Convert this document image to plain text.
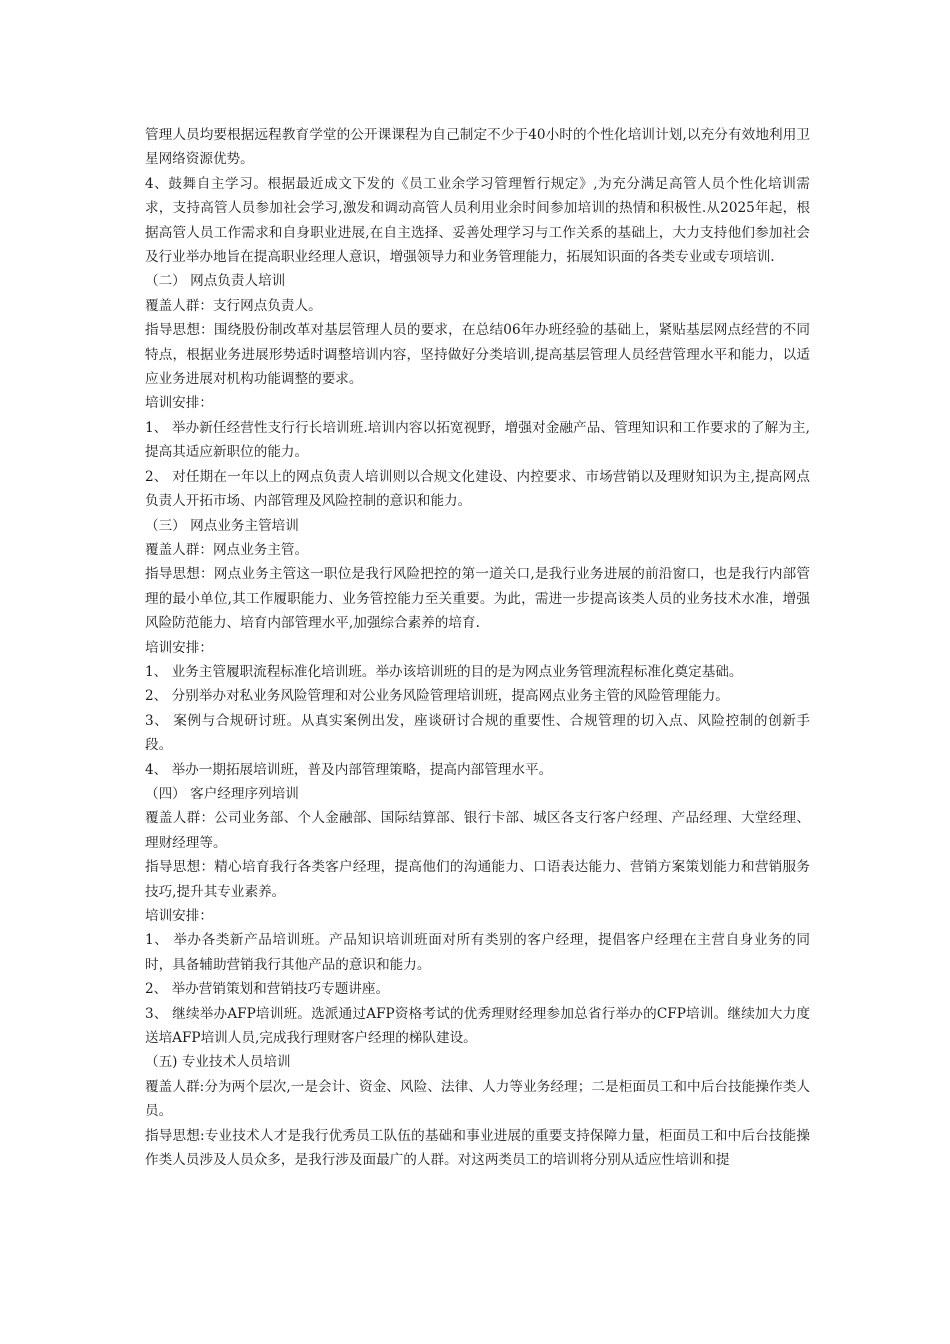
管理人员均要根据远程教育学堂的公开课课程为自己制定不少于40小时的个性化培训计划,以充分有效地利用卫星网络资源优势。

4、鼓舞自主学习。根据最近成文下发的《员工业余学习管理暂行规定》,为充分满足高管人员个性化培训需求，支持高管人员参加社会学习,激发和调动高管人员利用业余时间参加培训的热情和积极性.从2025年起，根据高管人员工作需求和自身职业进展,在自主选择、妥善处理学习与工作关系的基础上，大力支持他们参加社会及行业举办地旨在提高职业经理人意识，增强领导力和业务管理能力，拓展知识面的各类专业或专项培训.

（二） 网点负责人培训

覆盖人群：支行网点负责人。

指导思想：围绕股份制改革对基层管理人员的要求，在总结06年办班经验的基础上，紧贴基层网点经营的不同特点，根据业务进展形势适时调整培训内容，坚持做好分类培训,提高基层管理人员经营管理水平和能力，以适应业务进展对机构功能调整的要求。

培训安排：

1、 举办新任经营性支行行长培训班.培训内容以拓宽视野，增强对金融产品、管理知识和工作要求的了解为主,提高其适应新职位的能力。

2、 对任期在一年以上的网点负责人培训则以合规文化建设、内控要求、市场营销以及理财知识为主,提高网点负责人开拓市场、内部管理及风险控制的意识和能力。

（三） 网点业务主管培训

覆盖人群：网点业务主管。

指导思想：网点业务主管这一职位是我行风险把控的第一道关口,是我行业务进展的前沿窗口，也是我行内部管理的最小单位,其工作履职能力、业务管控能力至关重要。为此，需进一步提高该类人员的业务技术水准，增强风险防范能力、培育内部管理水平,加强综合素养的培育.

培训安排：

1、 业务主管履职流程标准化培训班。举办该培训班的目的是为网点业务管理流程标准化奠定基础。

2、 分别举办对私业务风险管理和对公业务风险管理培训班，提高网点业务主管的风险管理能力。

3、 案例与合规研讨班。从真实案例出发，座谈研讨合规的重要性、合规管理的切入点、风险控制的创新手段。

4、 举办一期拓展培训班，普及内部管理策略，提高内部管理水平。

（四） 客户经理序列培训

覆盖人群：公司业务部、个人金融部、国际结算部、银行卡部、城区各支行客户经理、产品经理、大堂经理、理财经理等。

指导思想：精心培育我行各类客户经理，提高他们的沟通能力、口语表达能力、营销方案策划能力和营销服务技巧,提升其专业素养。

培训安排：

1、 举办各类新产品培训班。产品知识培训班面对所有类别的客户经理，提倡客户经理在主营自身业务的同时，具备辅助营销我行其他产品的意识和能力。

2、 举办营销策划和营销技巧专题讲座。

3、 继续举办AFP培训班。选派通过AFP资格考试的优秀理财经理参加总省行举办的CFP培训。继续加大力度送培AFP培训人员,完成我行理财客户经理的梯队建设。

（五) 专业技术人员培训

覆盖人群:分为两个层次,一是会计、资金、风险、法律、人力等业务经理；二是柜面员工和中后台技能操作类人员。

指导思想:专业技术人才是我行优秀员工队伍的基础和事业进展的重要支持保障力量，柜面员工和中后台技能操作类人员涉及人员众多，是我行涉及面最广的人群。对这两类员工的培训将分别从适应性培训和提
